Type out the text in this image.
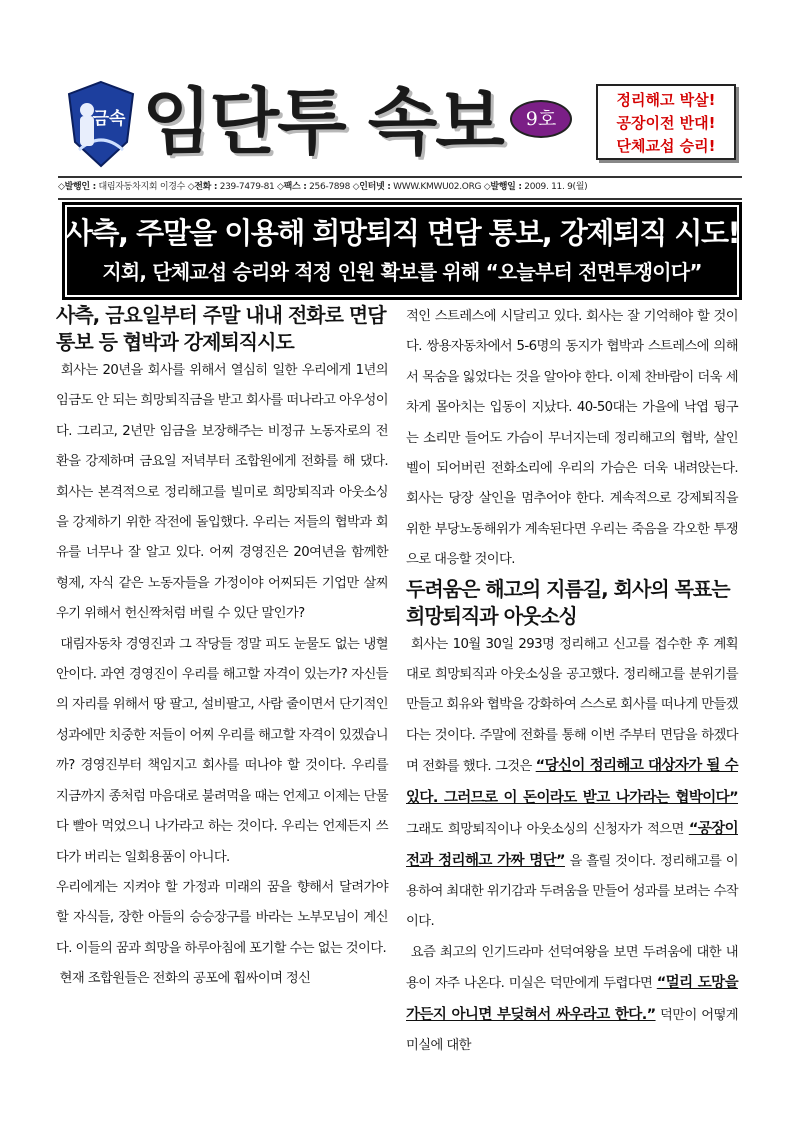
금속 임단투 속보	9호
정리해고 박살!
공장이전 반대!
단체교섭 승리!
◇발행인 : 대림자동차지회 이경수 ◇전화 : 239-7479-81 ◇팩스 : 256-7898 ◇인터넷 : WWW.KMWU02.ORG ◇발행일 : 2009. 11. 9(월)
사측, 주말을 이용해 희망퇴직 면담 통보, 강제퇴직 시도!!
지회, 단체교섭 승리와 적정 인원 확보를 위해 “오늘부터 전면투쟁이다”
사측, 금요일부터 주말 내내 전화로 면담통보 등 협박과 강제퇴직시도

회사는 20년을 회사를 위해서 열심히 일한 우리에게 1년의 임금도 안 되는 희망퇴직금을 받고 회사를 떠나라고 아우성이다. 그리고, 2년만 임금을 보장해주는 비정규 노동자로의 전환을 강제하며 금요일 저녁부터 조합원에게 전화를 해 댔다. 회사는 본격적으로 정리해고를 빌미로 희망퇴직과 아웃소싱을 강제하기 위한 작전에 돌입했다. 우리는 저들의 협박과 회유를 너무나 잘 알고 있다. 어찌 경영진은 20여년을 함께한 형제, 자식 같은 노동자들을 가정이야 어찌되든 기업만 살찌우기 위해서 헌신짝처럼 버릴 수 있단 말인가?

대림자동차 경영진과 그 작당들 정말 피도 눈물도 없는 냉혈안이다. 과연 경영진이 우리를 해고할 자격이 있는가? 자신들의 자리를 위해서 땅 팔고, 설비팔고, 사람 줄이면서 단기적인 성과에만 치중한 저들이 어찌 우리를 해고할 자격이 있겠습니까? 경영진부터 책임지고 회사를 떠나야 할 것이다. 우리를 지금까지 종처럼 마음대로 불려먹을 때는 언제고 이제는 단물 다 빨아 먹었으니 나가라고 하는 것이다. 우리는 언제든지 쓰다가 버리는 일회용품이 아니다.

우리에게는 지켜야 할 가정과 미래의 꿈을 향해서 달려가야 할 자식들, 장한 아들의 승승장구를 바라는 노부모님이 계신다. 이들의 꿈과 희망을 하루아침에 포기할 수는 없는 것이다.

현재 조합원들은 전화의 공포에 휩싸이며 정신

적인 스트레스에 시달리고 있다. 회사는 잘 기억해야 할 것이다. 쌍용자동차에서 5-6명의 동지가 협박과 스트레스에 의해서 목숨을 잃었다는 것을 알아야 한다. 이제 찬바람이 더욱 세차게 몰아치는 입동이 지났다. 40-50대는 가을에 낙엽 뒹구는 소리만 들어도 가슴이 무너지는데 정리해고의 협박, 살인벨이 되어버린 전화소리에 우리의 가슴은 더욱 내려앉는다. 회사는 당장 살인을 멈추어야 한다. 계속적으로 강제퇴직을 위한 부당노동해위가 계속된다면 우리는 죽음을 각오한 투쟁으로 대응할 것이다.

두려움은 해고의 지름길, 회사의 목표는 희망퇴직과 아웃소싱

회사는 10월 30일 293명 정리해고 신고를 접수한 후 계획대로 희망퇴직과 아웃소싱을 공고했다. 정리해고를 분위기를 만들고 회유와 협박을 강화하여 스스로 회사를 떠나게 만들겠다는 것이다. 주말에 전화를 통해 이번 주부터 면담을 하겠다며 전화를 했다. 그것은 “당신이 정리해고 대상자가 될 수 있다. 그러므로 이 돈이라도 받고 나가라는 협박이다” 그래도 희망퇴직이나 아웃소싱의 신청자가 적으면 “공장이전과 정리해고 가짜 명단” 을 흘릴 것이다. 정리해고를 이용하여 최대한 위기감과 두려움을 만들어 성과를 보려는 수작이다.

요즘 최고의 인기드라마 선덕여왕을 보면 두려움에 대한 내용이 자주 나온다. 미실은 덕만에게 두렵다면 “멀리 도망을 가든지 아니면 부딪혀서 싸우라고 한다.” 덕만이 어떻게 미실에 대한
